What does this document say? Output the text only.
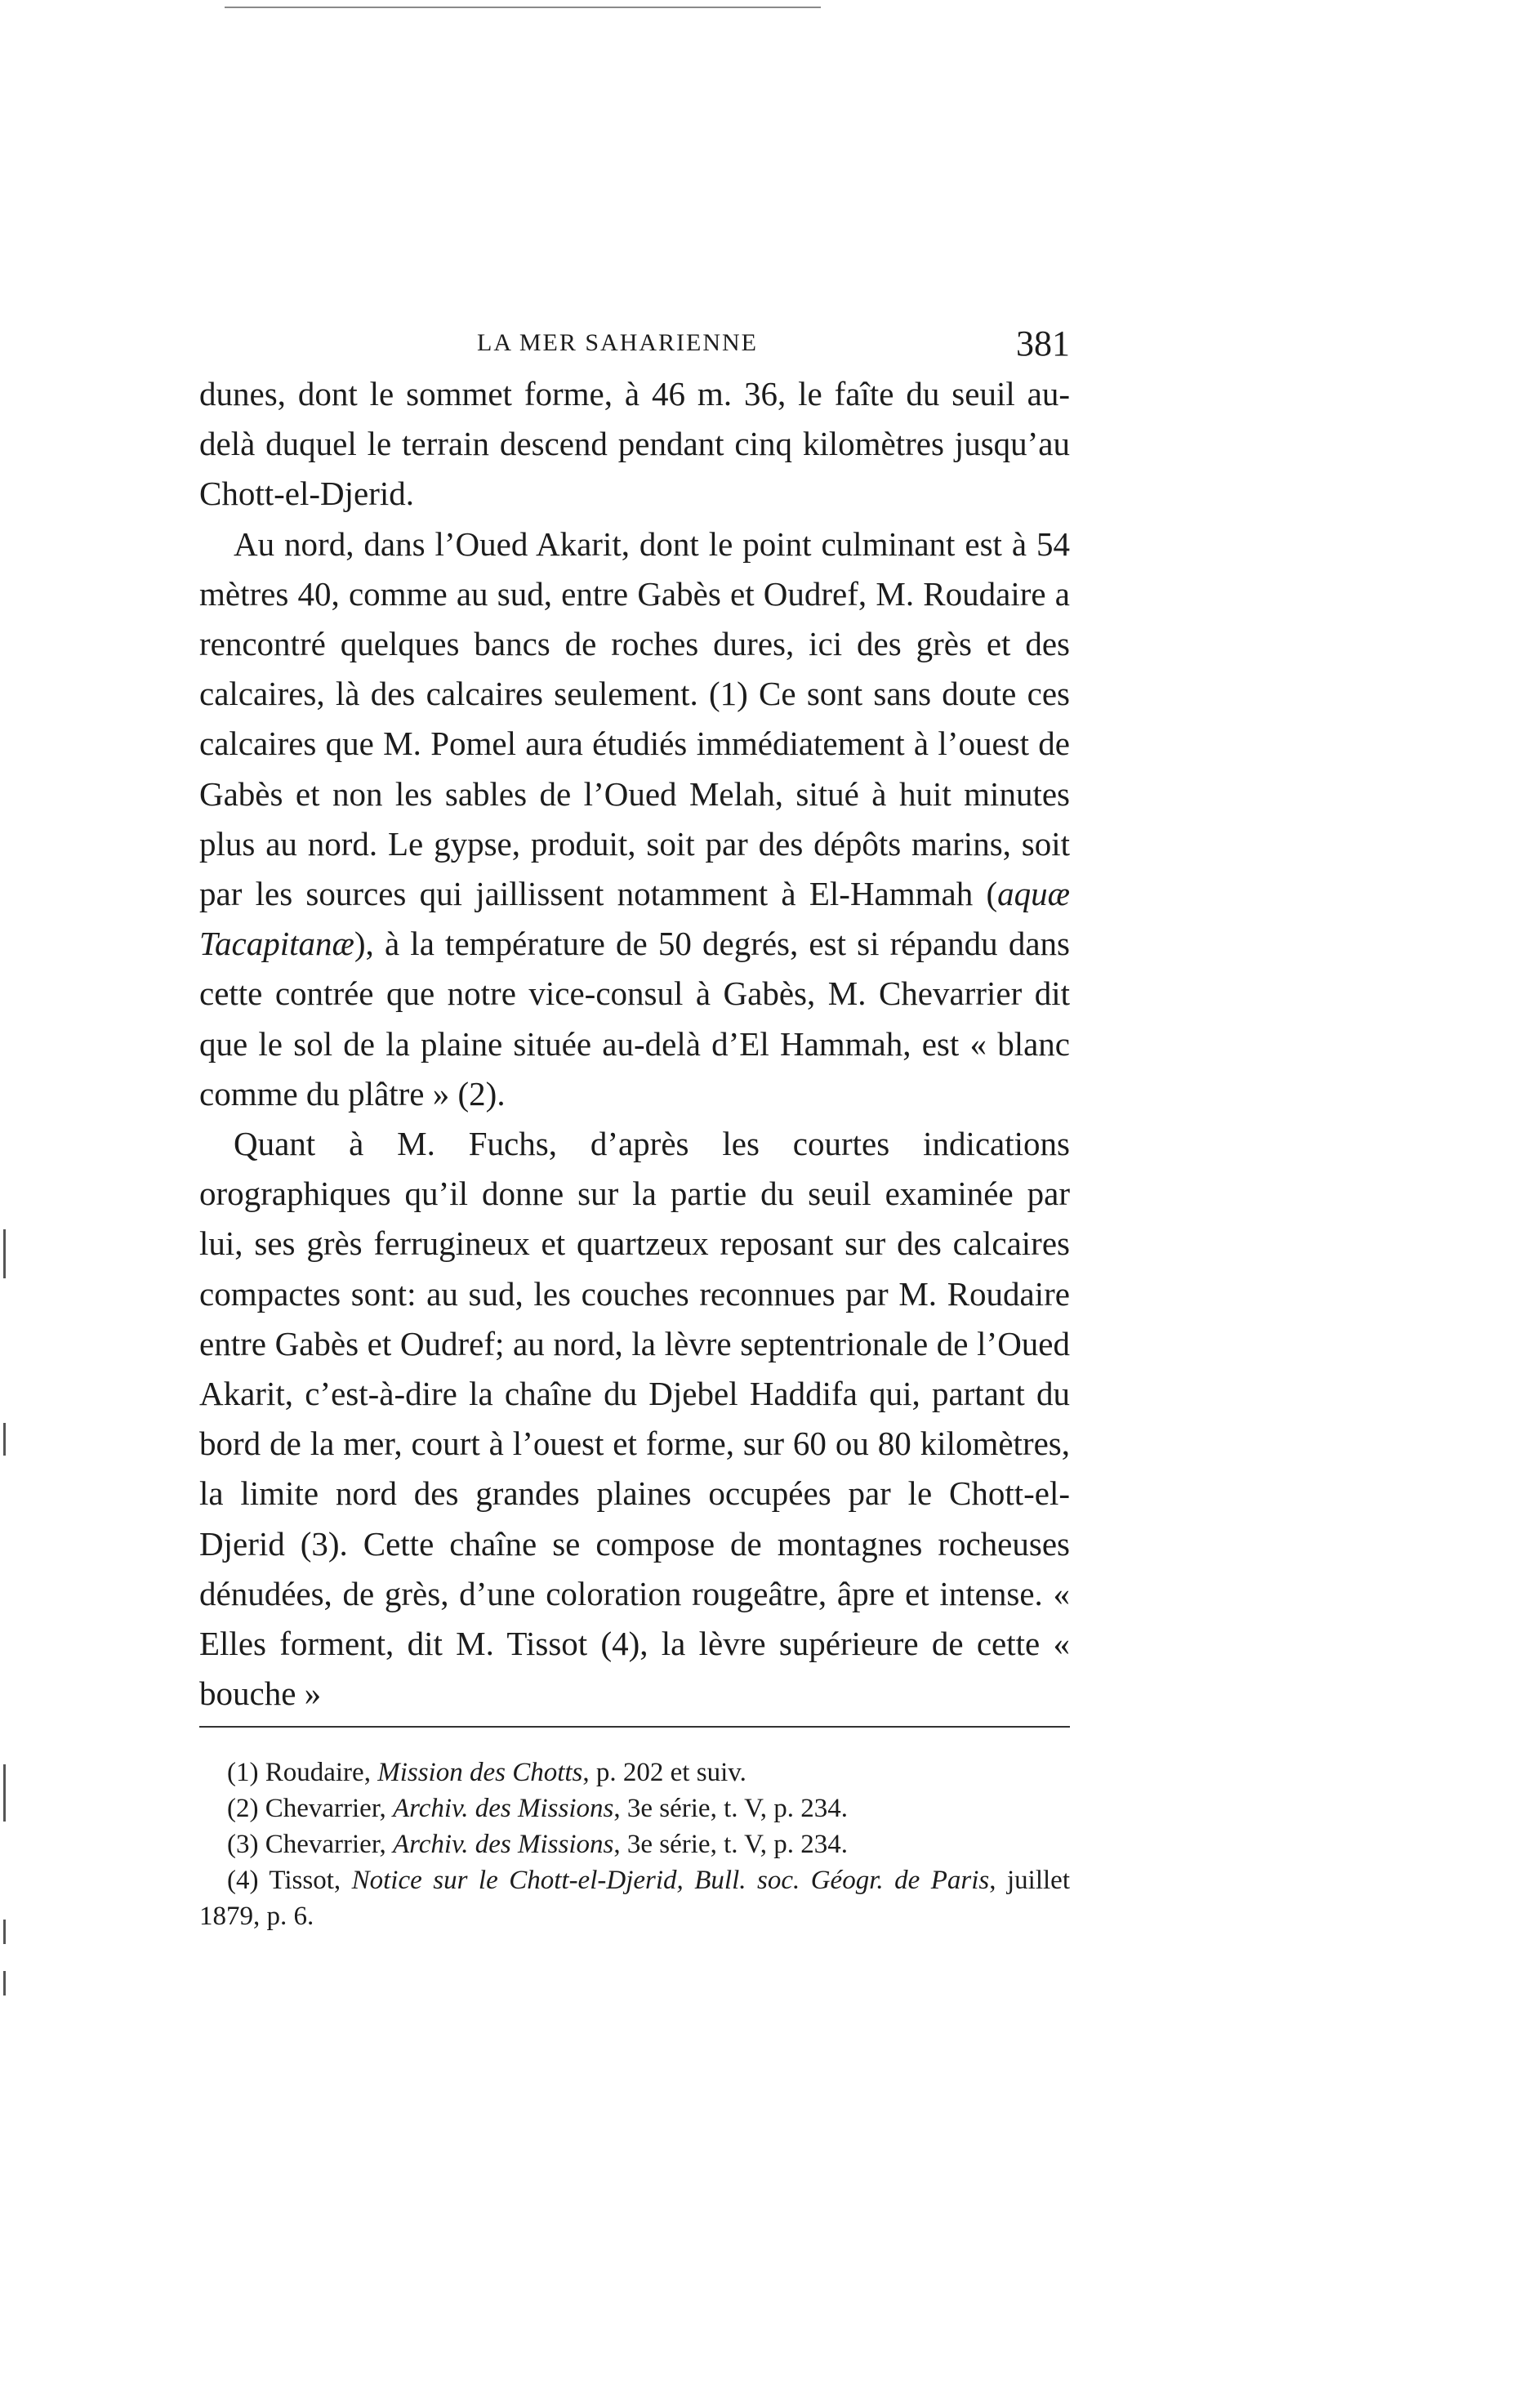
LA MER SAHARIENNE	381

dunes, dont le sommet forme, à 46 m. 36, le faîte du seuil au-delà duquel le terrain descend pendant cinq kilomètres jusqu’au Chott-el-Djerid.

Au nord, dans l’Oued Akarit, dont le point culminant est à 54 mètres 40, comme au sud, entre Gabès et Oudref, M. Roudaire a rencontré quelques bancs de roches dures, ici des grès et des calcaires, là des calcaires seulement. (1) Ce sont sans doute ces calcaires que M. Pomel aura étudiés immédiatement à l’ouest de Gabès et non les sables de l’Oued Melah, situé à huit minutes plus au nord. Le gypse, produit, soit par des dépôts marins, soit par les sources qui jaillissent notamment à El-Hammah (aquæ Tacapitanæ), à la température de 50 degrés, est si répandu dans cette contrée que notre vice-consul à Gabès, M. Chevarrier dit que le sol de la plaine située au-delà d’El Hammah, est « blanc comme du plâtre » (2).

Quant à M. Fuchs, d’après les courtes indications orographiques qu’il donne sur la partie du seuil examinée par lui, ses grès ferrugineux et quartzeux reposant sur des calcaires compactes sont: au sud, les couches reconnues par M. Roudaire entre Gabès et Oudref; au nord, la lèvre septentrionale de l’Oued Akarit, c’est-à-dire la chaîne du Djebel Haddifa qui, partant du bord de la mer, court à l’ouest et forme, sur 60 ou 80 kilomètres, la limite nord des grandes plaines occupées par le Chott-el-Djerid (3). Cette chaîne se compose de montagnes rocheuses dénudées, de grès, d’une coloration rougeâtre, âpre et intense. « Elles forment, dit M. Tissot (4), la lèvre supérieure de cette « bouche »

(1) Roudaire, Mission des Chotts, p. 202 et suiv.

(2) Chevarrier, Archiv. des Missions, 3e série, t. V, p. 234.

(3) Chevarrier, Archiv. des Missions, 3e série, t. V, p. 234.

(4) Tissot, Notice sur le Chott-el-Djerid, Bull. soc. Géogr. de Paris, juillet 1879, p. 6.
